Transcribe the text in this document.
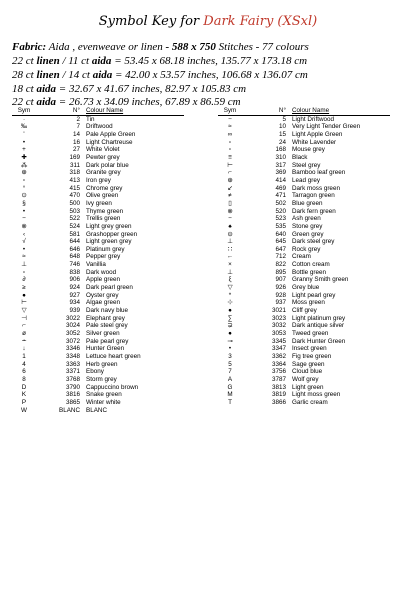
Symbol Key for Dark Fairy (XSxl)
Fabric: Aida , evenweave or linen - 588 x 750 Stitches - 77 colours
22 ct linen / 11 ct aida = 53.45 x 68.18 inches, 135.77 x 173.18 cm
28 ct linen / 14 ct aida = 42.00 x 53.57 inches, 106.68 x 136.07 cm
18 ct aida = 32.67 x 41.67 inches, 82.97 x 105.83 cm
22 ct aida = 26.73 x 34.09 inches, 67.89 x 86.59 cm
Sym	N°	Colour Name
·	2	Tin
‰	7	Driftwood
'	14	Pale Apple Green
•	16	Light Chartreuse
+	27	White Violet
✚	169	Pewter grey
⁂	311	Dark polar blue
⊕	318	Granite grey
▫	413	Iron grey
°	415	Chrome grey
⊙	470	Olive green
§	500	Ivy green
•	503	Thyme green
−	522	Trellis green
⊗	524	Light grey green
‹	581	Grashopper green
√	644	Light green grey
•	646	Platinum grey
≈	648	Pepper grey
⊥	746	Vanillia
▫	838	Dark wood
∂	906	Apple green
≥	924	Dark pearl green
●	927	Oyster grey
⊢	934	Algae green
▽	939	Dark navy blue
⊣	3022	Elephant grey
⌐	3024	Pale steel grey
ø	3052	Silver green
∸	3072	Pale pearl grey
↓	3346	Hunter Green
1	3348	Lettuce heart green
4	3363	Herb green
6	3371	Ebony
8	3768	Storm grey
D	3790	Cappuccino brown
K	3816	Snake green
P	3865	Winter white
W	BLANC	BLANC
Sym	N°	Colour Name
−	5	Light Driftwood
≈	10	Very Light Tender Green
∞	15	Light Apple Green
▫	24	White Lavender
▫	168	Mouse grey
≡	310	Black
⊢	317	Steel grey
⌐	369	Bamboo leaf green
⊕	414	Lead grey
↙	469	Dark moss green
≠	471	Tarragon green
▯	502	Blue green
⊗	520	Dark fern green
−	523	Ash green
♠	535	Stone grey
⊝	640	Green grey
⊥	645	Dark steel grey
∷	647	Rock grey
←	712	Cream
×	822	Cotton cream
⊥	895	Bottle green
ξ	907	Granny Smith green
▽	926	Grey blue
*	928	Light pearl grey
⊹	937	Moss green
●	3021	Cliff grey
∑	3023	Light platinum grey
⊋	3032	Dark antique silver
●	3053	Tweed green
⊸	3345	Dark Hunter Green
•	3347	Insect green
3	3362	Fig tree green
5	3364	Sage green
7	3756	Cloud blue
A	3787	Wolf grey
G	3813	Light green
M	3819	Light moss green
T	3866	Garlic cream
